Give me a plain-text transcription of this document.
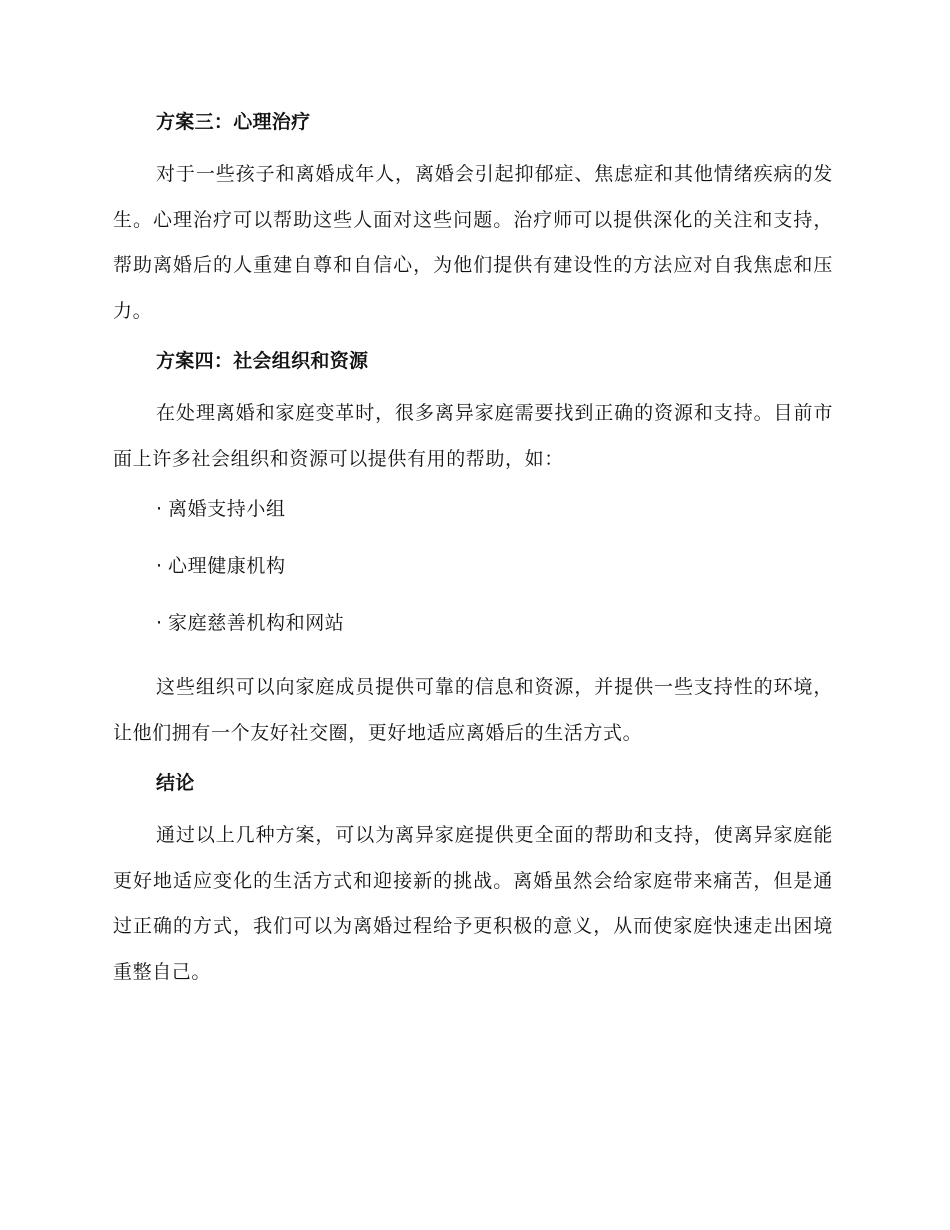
方案三：心理治疗

对于一些孩子和离婚成年人，离婚会引起抑郁症、焦虑症和其他情绪疾病的发生。心理治疗可以帮助这些人面对这些问题。治疗师可以提供深化的关注和支持，帮助离婚后的人重建自尊和自信心，为他们提供有建设性的方法应对自我焦虑和压力。

方案四：社会组织和资源

在处理离婚和家庭变革时，很多离异家庭需要找到正确的资源和支持。目前市面上许多社会组织和资源可以提供有用的帮助，如：

· 离婚支持小组
· 心理健康机构
· 家庭慈善机构和网站

这些组织可以向家庭成员提供可靠的信息和资源，并提供一些支持性的环境，让他们拥有一个友好社交圈，更好地适应离婚后的生活方式。

结论

通过以上几种方案，可以为离异家庭提供更全面的帮助和支持，使离异家庭能更好地适应变化的生活方式和迎接新的挑战。离婚虽然会给家庭带来痛苦，但是通过正确的方式，我们可以为离婚过程给予更积极的意义，从而使家庭快速走出困境重整自己。
